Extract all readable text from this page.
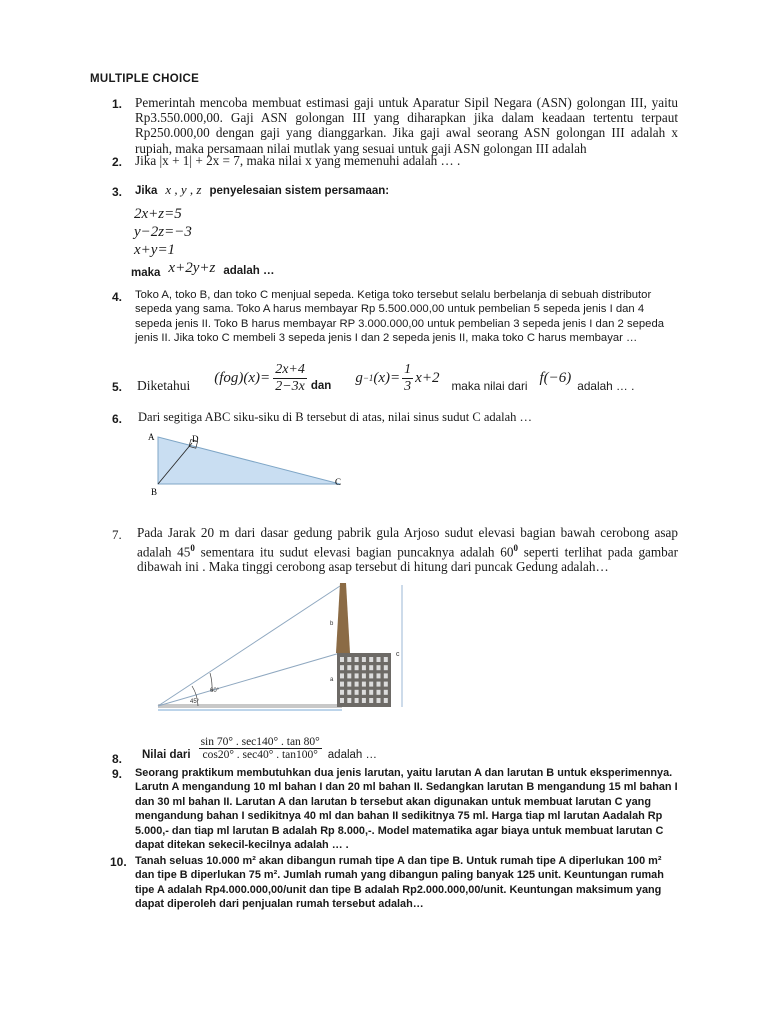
MULTIPLE CHOICE
1. Pemerintah mencoba membuat estimasi gaji untuk Aparatur Sipil Negara (ASN) golongan III, yaitu Rp3.550.000,00. Gaji ASN golongan III yang diharapkan jika dalam keadaan tertentu terpaut Rp250.000,00 dengan gaji yang dianggarkan. Jika gaji awal seorang ASN golongan III adalah x rupiah, maka persamaan nilai mutlak yang sesuai untuk gaji ASN golongan III adalah
2. Jika |x + 1| + 2x = 7, maka nilai x yang memenuhi adalah … .
3. Jika x , y , z penyelesaian sistem persamaan:
2x+z=5
y−2z=−3
x+y=1
$_{maka}$ x+2y+z adalah …
4. Toko A, toko B, dan toko C menjual sepeda. Ketiga toko tersebut selalu berbelanja di sebuah distributor sepeda yang sama. Toko A harus membayar Rp 5.500.000,00 untuk pembelian 5 sepeda jenis I dan 4 sepeda jenis II. Toko B harus membayar RP 3.000.000,00 untuk pembelian 3 sepeda jenis I dan 2 sepeda jenis II. Jika toko C membeli 3 sepeda jenis I dan 2 sepeda jenis II, maka toko C harus membayar …
5. Diketahui $(fog)(x)= \frac{2x+4}{2-3x}$ dan
g −1 $(x)= \frac{1}{3} x+2$
maka nilai dari
f(−6)
adalah … .
6. Dari segitiga ABC siku-siku di B tersebut di atas, nilai sinus sudut C adalah …
A
B
C
D
7. Pada Jarak 20 m dari dasar gedung pabrik gula Arjoso sudut elevasi bagian bawah cerobong asap adalah $45^0$ sementara itu sudut elevasi bagian puncaknya adalah $60^0$ seperti terlihat pada gambar dibawah ini . Maka tinggi cerobong asap tersebut di hitung dari puncak Gedung adalah…
45°
60°
b
a
c
8. Nilai dari $\frac{\sin 70^\circ . \sec 140^\circ . \tan 80^\circ}{\cos 20^\circ . \sec 40^\circ . \tan 100^\circ}$ adalah …
9. Seorang praktikum membutuhkan dua jenis larutan, yaitu larutan A dan larutan B untuk eksperimennya. Larutn A mengandung 10 ml bahan I dan 20 ml bahan II. Sedangkan larutan B mengandung 15 ml bahan I dan 30 ml bahan II. Larutan A dan larutan b tersebut akan digunakan untuk membuat larutan C yang mengandung bahan I sedikitnya 40 ml dan bahan II sedikitnya 75 ml. Harga tiap ml larutan Aadalah Rp 5.000,- dan tiap ml larutan B adalah Rp 8.000,-. Model matematika agar biaya untuk membuat larutan C dapat ditekan sekecil-kecilnya adalah … .
10. Tanah seluas 10.000 m² akan dibangun rumah tipe A dan tipe B. Untuk rumah tipe A diperlukan 100 m² dan tipe B diperlukan 75 m². Jumlah rumah yang dibangun paling banyak 125 unit. Keuntungan rumah tipe A adalah Rp4.000.000,00/unit dan tipe B adalah Rp2.000.000,00/unit. Keuntungan maksimum yang dapat diperoleh dari penjualan rumah tersebut adalah…
